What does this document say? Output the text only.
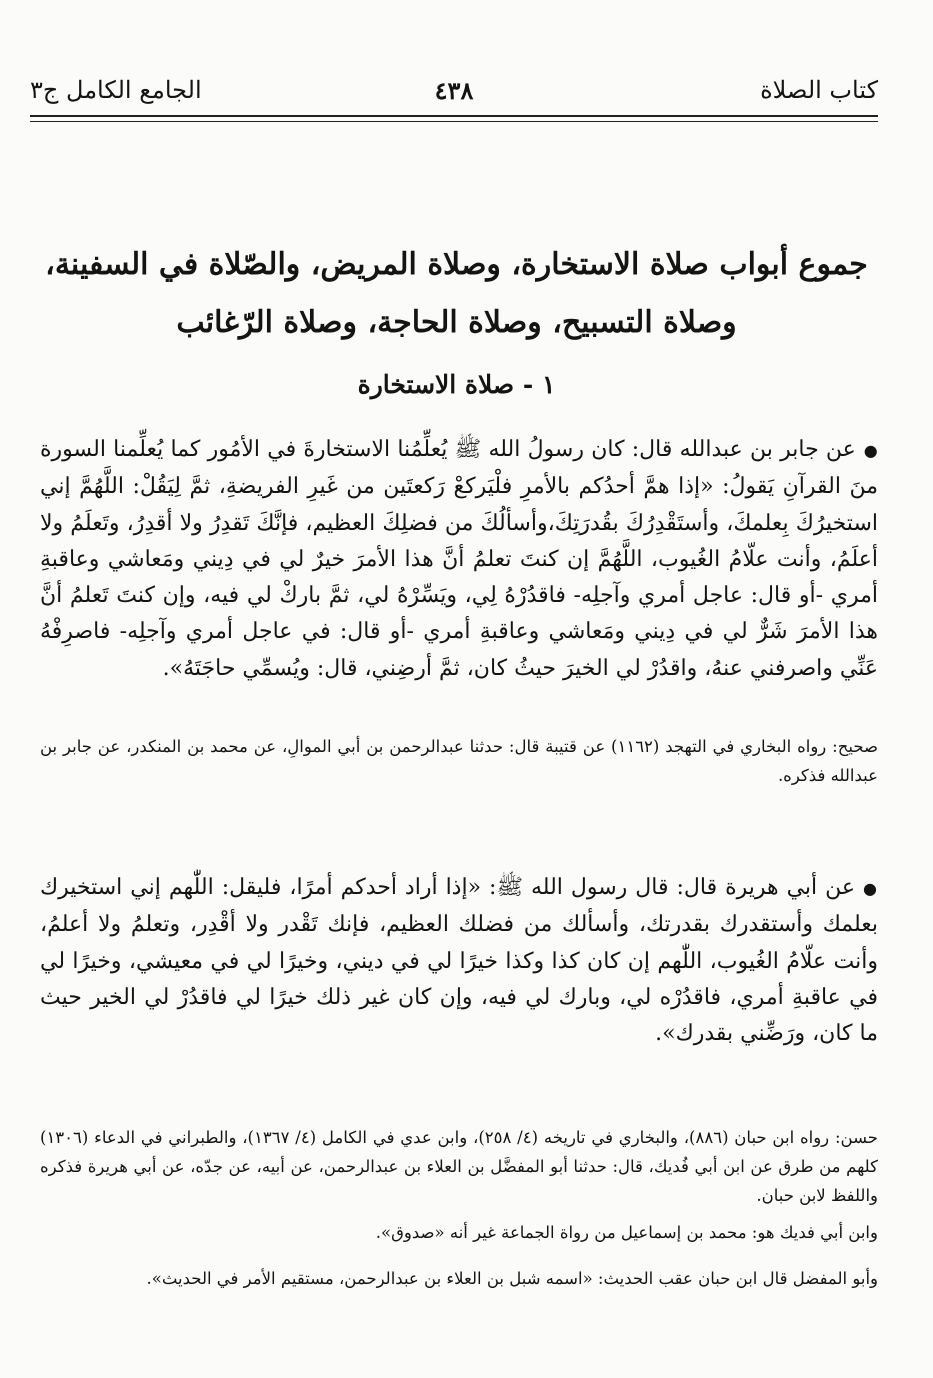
كتاب الصلاة
٤٣٨
الجامع الكامل ج٣
جموع أبواب صلاة الاستخارة، وصلاة المريض، والصّلاة في السفينة، وصلاة التسبيح، وصلاة الحاجة، وصلاة الرّغائب
١ - صلاة الاستخارة
●عن جابر بن عبدالله قال: كان رسولُ الله ﷺ يُعلِّمُنا الاستخارةَ في الأمُور كما يُعلِّمنا السورة منَ القرآنِ يَقولُ: «إذا همَّ أحدُكم بالأمرِ فلْيَركعْ رَكعتَين من غَيرِ الفريضةِ، ثمَّ لِيَقُلْ: اللَّهُمَّ إني استخيرُكَ بِعلمكَ، وأستَقْدِرُكَ بقُدرَتِكَ،وأسألُكَ من فضلِكَ العظيم، فإنَّكَ تَقدِرُ ولا أقدِرُ، وتَعلَمُ ولا أعلَمُ، وأنت علّامُ الغُيوب، اللَّهُمَّ إن كنتَ تعلمُ أنَّ هذا الأمرَ خيرٌ لي في دِيني ومَعاشي وعاقبةِ أمري -أو قال: عاجل أمري وآجلِه- فاقدُرْهُ لِي، ويَسِّرْهُ لي، ثمَّ باركْ لي فيه، وإن كنتَ تَعلمُ أنَّ هذا الأمرَ شَرٌّ لي في دِيني ومَعاشي وعاقبةِ أمري -أو قال: في عاجل أمري وآجلِه- فاصرِفْهُ عَنِّي واصرفني عنهُ، واقدُرْ لي الخيرَ حيثُ كان، ثمَّ أرضِني، قال: ويُسمِّي حاجَتَهُ».
صحيح: رواه البخاري في التهجد (١١٦٢) عن قتيبة قال: حدثنا عبدالرحمن بن أبي الموالِ، عن محمد بن المنكدر، عن جابر بن عبدالله فذكره.
●عن أبي هريرة قال: قال رسول الله ﷺ: «إذا أراد أحدكم أمرًا، فليقل: اللّٰهم إني استخيرك بعلمك وأستقدرك بقدرتك، وأسألك من فضلك العظيم، فإنك تَقْدر ولا أقْدِر، وتعلمُ ولا أعلمُ، وأنت علّامُ الغُيوب، اللّٰهم إن كان كذا وكذا خيرًا لي في ديني، وخيرًا لي في معيشي، وخيرًا لي في عاقبةِ أمري، فاقدُرْه لي، وبارك لي فيه، وإن كان غير ذلك خيرًا لي فاقدُرْ لي الخير حيث ما كان، ورَضِّني بقدرك».
حسن: رواه ابن حبان (٨٨٦)، والبخاري في تاريخه (٤/ ٢٥٨)، وابن عدي في الكامل (٤/ ١٣٦٧)، والطبراني في الدعاء (١٣٠٦) كلهم من طرق عن ابن أبي فُديك، قال: حدثنا أبو المفضَّل بن العلاء بن عبدالرحمن، عن أبيه، عن جدّه، عن أبي هريرة فذكره واللفظ لابن حبان.
وابن أبي فديك هو: محمد بن إسماعيل من رواة الجماعة غير أنه «صدوق».
وأبو المفضل قال ابن حبان عقب الحديث: «اسمه شبل بن العلاء بن عبدالرحمن، مستقيم الأمر في الحديث».
